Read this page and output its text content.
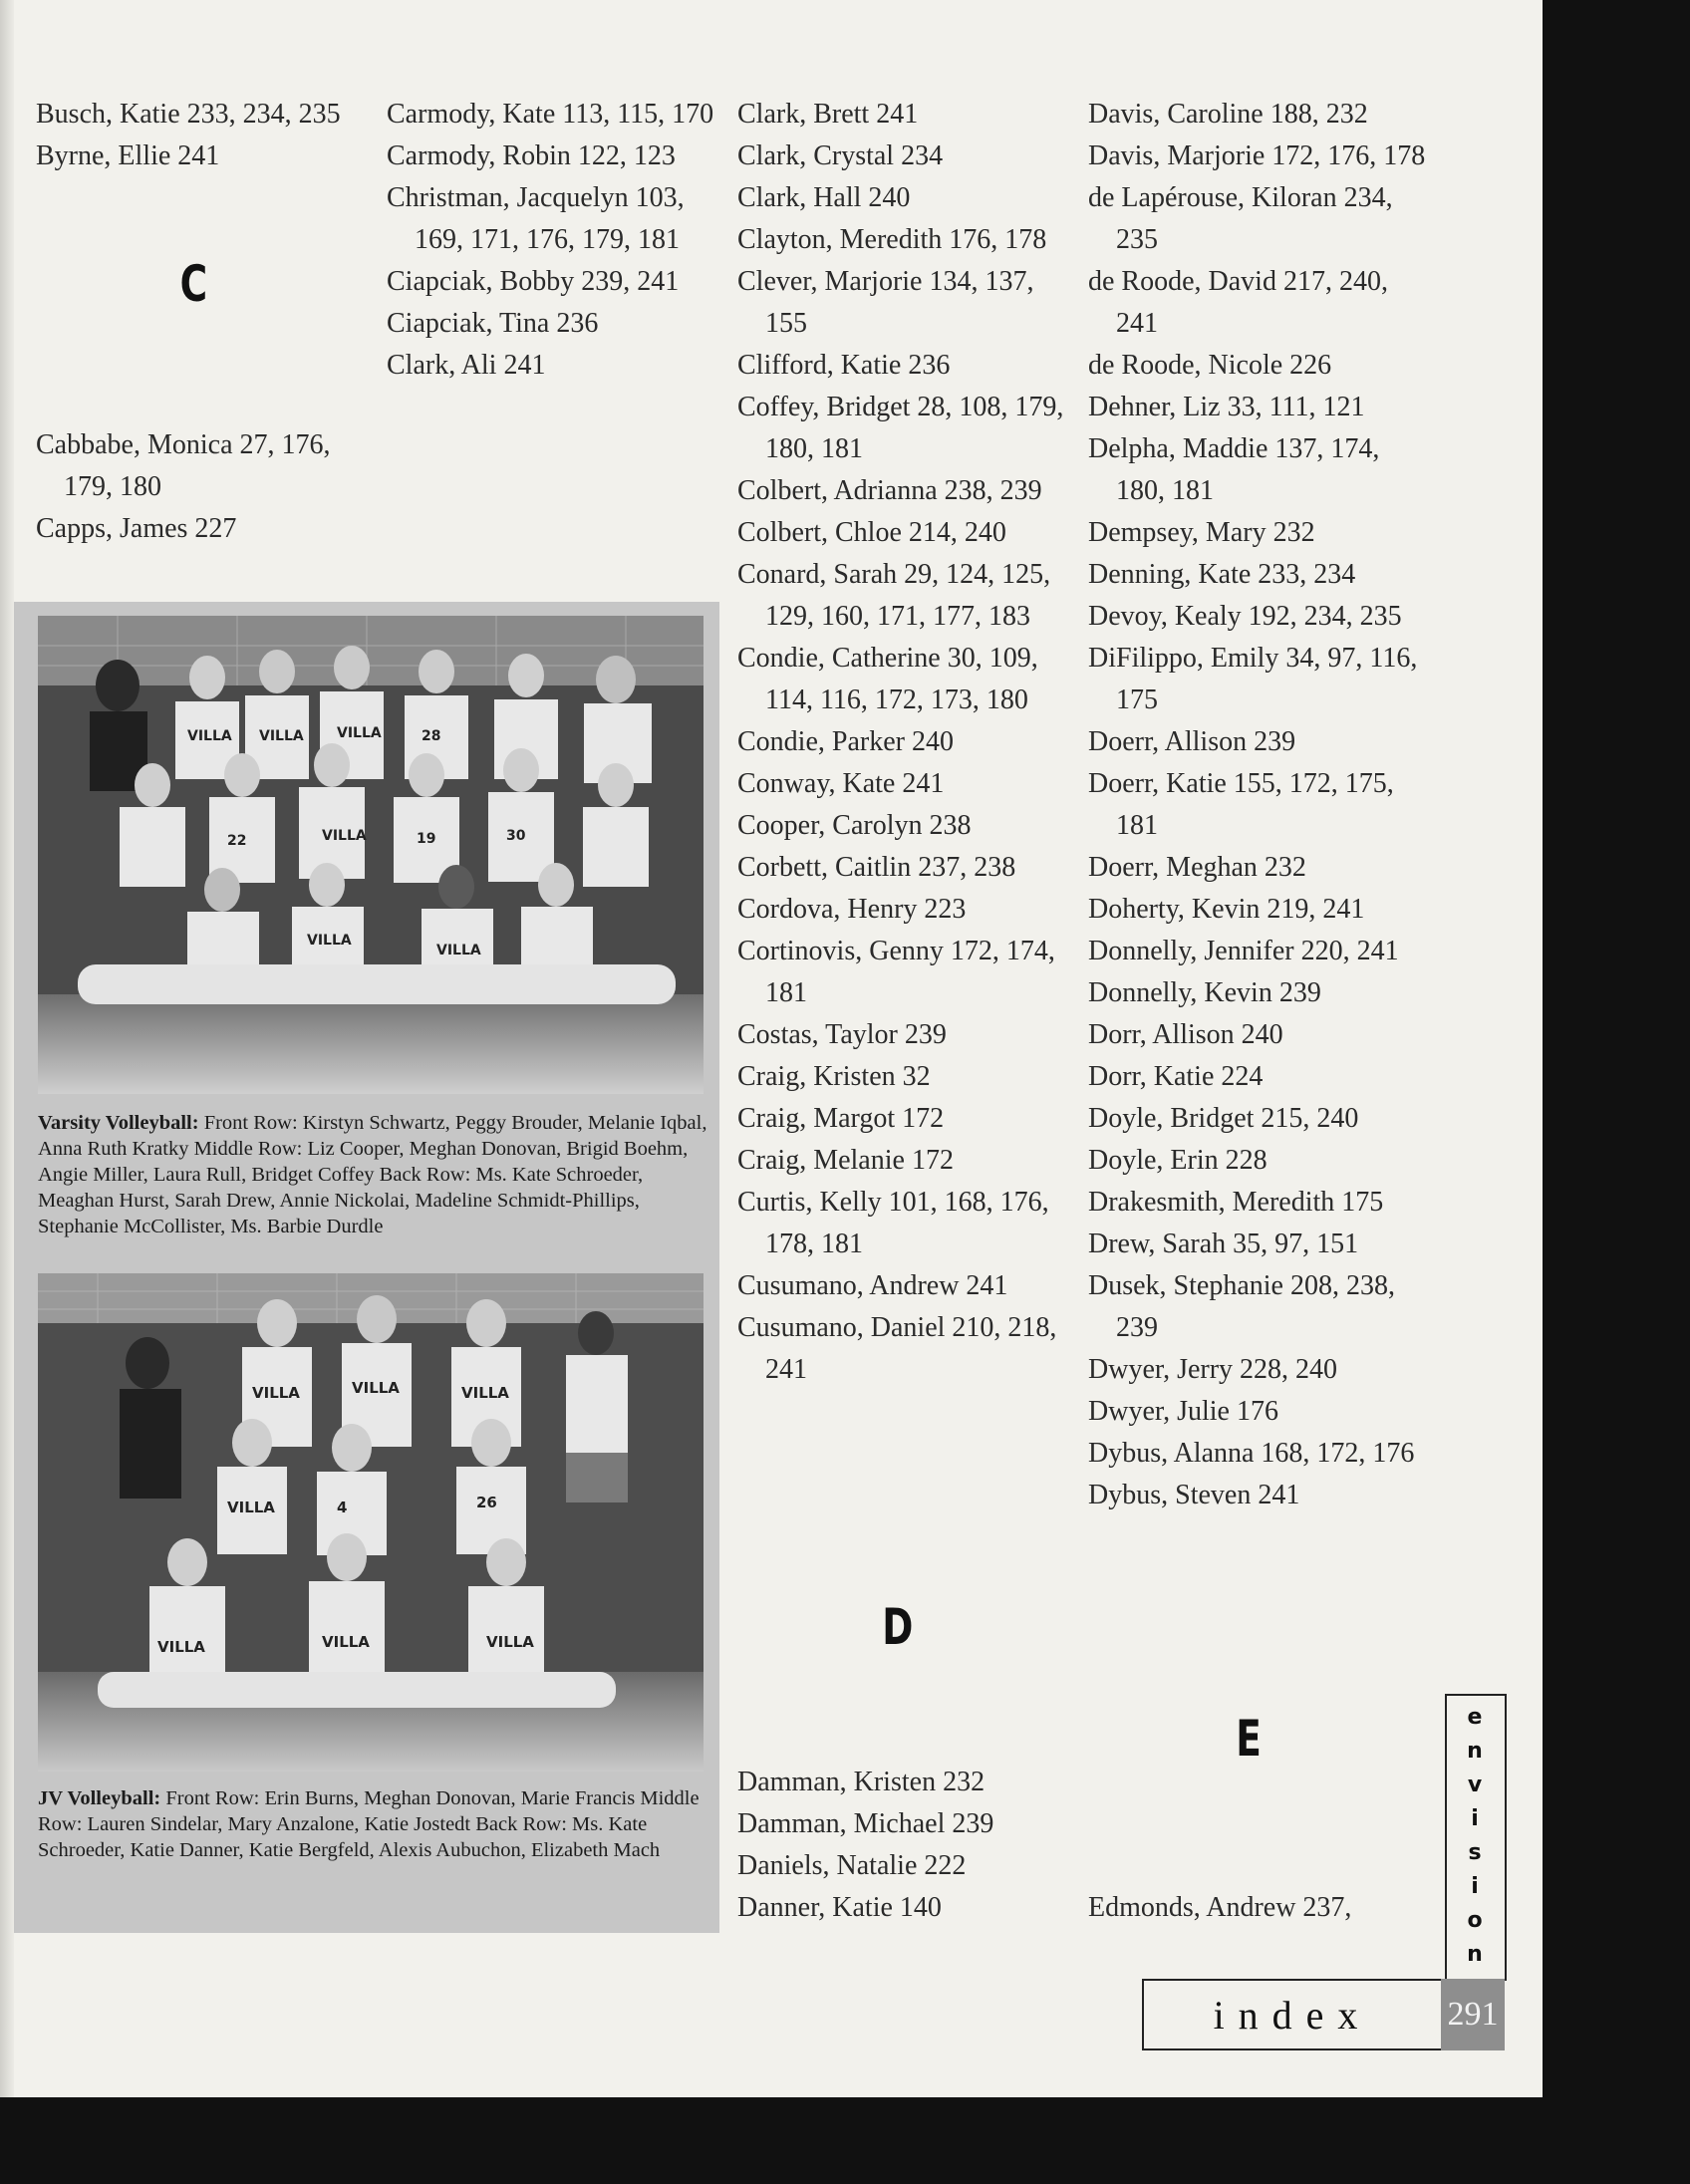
Busch, Katie 233, 234, 235
Byrne, Ellie 241
C
Cabbabe, Monica 27, 176, 179, 180
Capps, James 227
Carmody, Kate 113, 115, 170
Carmody, Robin 122, 123
Christman, Jacquelyn 103, 169, 171, 176, 179, 181
Ciapciak, Bobby 239, 241
Ciapciak, Tina 236
Clark, Ali 241
Clark, Brett 241
Clark, Crystal 234
Clark, Hall 240
Clayton, Meredith 176, 178
Clever, Marjorie 134, 137, 155
Clifford, Katie 236
Coffey, Bridget 28, 108, 179, 180, 181
Colbert, Adrianna 238, 239
Colbert, Chloe 214, 240
Conard, Sarah 29, 124, 125, 129, 160, 171, 177, 183
Condie, Catherine 30, 109, 114, 116, 172, 173, 180
Condie, Parker 240
Conway, Kate 241
Cooper, Carolyn 238
Corbett, Caitlin 237, 238
Cordova, Henry 223
Cortinovis, Genny 172, 174, 181
Costas, Taylor 239
Craig, Kristen 32
Craig, Margot 172
Craig, Melanie 172
Curtis, Kelly 101, 168, 176, 178, 181
Cusumano, Andrew 241
Cusumano, Daniel 210, 218, 241
D
Damman, Kristen 232
Damman, Michael 239
Daniels, Natalie 222
Danner, Katie 140
Davis, Caroline 188, 232
Davis, Marjorie 172, 176, 178
de Lapérouse, Kiloran 234, 235
de Roode, David 217, 240, 241
de Roode, Nicole 226
Dehner, Liz 33, 111, 121
Delpha, Maddie 137, 174, 180, 181
Dempsey, Mary 232
Denning, Kate 233, 234
Devoy, Kealy 192, 234, 235
DiFilippo, Emily 34, 97, 116, 175
Doerr, Allison 239
Doerr, Katie 155, 172, 175, 181
Doerr, Meghan 232
Doherty, Kevin 219, 241
Donnelly, Jennifer 220, 241
Donnelly, Kevin 239
Dorr, Allison 240
Dorr, Katie 224
Doyle, Bridget 215, 240
Doyle, Erin 228
Drakesmith, Meredith 175
Drew, Sarah 35, 97, 151
Dusek, Stephanie 208, 238, 239
Dwyer, Jerry 228, 240
Dwyer, Julie 176
Dybus, Alanna 168, 172, 176
Dybus, Steven 241
E
Edmonds, Andrew 237,
VILLA VILLA VILLA	28
22	VILLA	19	30
VILLA
VILLA
Varsity Volleyball: Front Row: Kirstyn Schwartz, Peggy Brouder, Melanie Iqbal, Anna Ruth Kratky Middle Row: Liz Cooper, Meghan Donovan, Brigid Boehm, Angie Miller, Laura Rull, Bridget Coffey Back Row: Ms. Kate Schroeder, Meaghan Hurst, Sarah Drew, Annie Nickolai, Madeline Schmidt-Phillips, Stephanie McCollister, Ms. Barbie Durdle
VILLA	VILLA	VILLA
VILLA	4	26
VILLA	VILLA	VILLA
JV Volleyball: Front Row: Erin Burns, Meghan Donovan, Marie Francis Middle Row: Lauren Sindelar, Mary Anzalone, Katie Jostedt Back Row: Ms. Kate Schroeder, Katie Danner, Katie Bergfeld, Alexis Aubuchon, Elizabeth Mach
e
n
v
i
s
i
o
n
index	291
